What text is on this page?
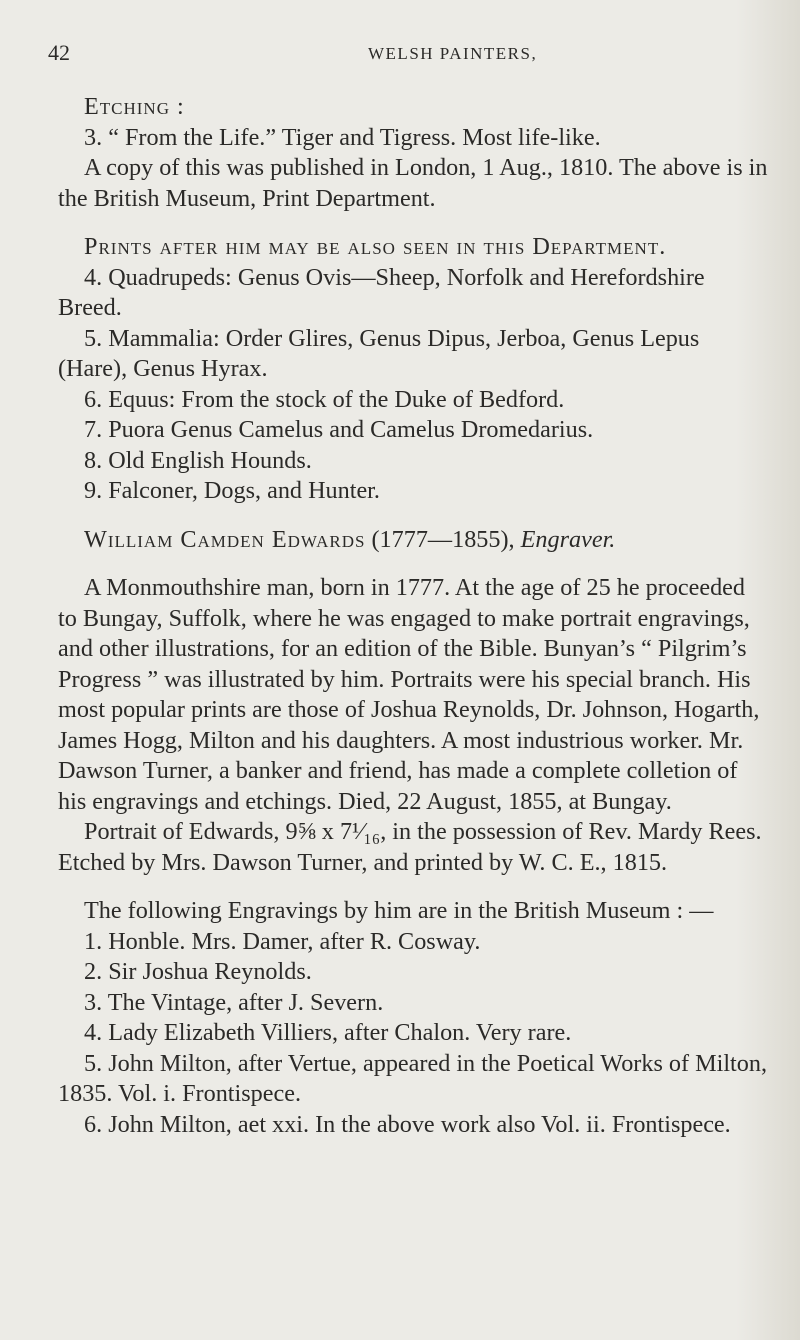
42	WELSH PAINTERS,

Etching :

3. “ From the Life.” Tiger and Tigress. Most life-like.

A copy of this was published in London, 1 Aug., 1810. The above is in the British Museum, Print Department.

Prints after him may be also seen in this Department.

4. Quadrupeds: Genus Ovis—Sheep, Norfolk and Herefordshire Breed.
5. Mammalia: Order Glires, Genus Dipus, Jerboa, Genus Lepus (Hare), Genus Hyrax.
6. Equus: From the stock of the Duke of Bedford.
7. Puora Genus Camelus and Camelus Dromedarius.
8. Old English Hounds.
9. Falconer, Dogs, and Hunter.

William Camden Edwards (1777—1855), Engraver.

A Monmouthshire man, born in 1777. At the age of 25 he proceeded to Bungay, Suffolk, where he was engaged to make portrait engravings, and other illustrations, for an edition of the Bible. Bunyan’s “ Pilgrim’s Progress ” was illustrated by him. Portraits were his special branch. His most popular prints are those of Joshua Reynolds, Dr. Johnson, Hogarth, James Hogg, Milton and his daughters. A most industrious worker. Mr. Dawson Turner, a banker and friend, has made a complete colletion of his engravings and etchings. Died, 22 August, 1855, at Bungay.

Portrait of Edwards, 9⅝ x 7¹⁄₁₆, in the possession of Rev. Mardy Rees. Etched by Mrs. Dawson Turner, and printed by W. C. E., 1815.

The following Engravings by him are in the British Museum : —

1. Honble. Mrs. Damer, after R. Cosway.
2. Sir Joshua Reynolds.
3. The Vintage, after J. Severn.
4. Lady Elizabeth Villiers, after Chalon. Very rare.
5. John Milton, after Vertue, appeared in the Poetical Works of Milton, 1835. Vol. i. Frontispece.
6. John Milton, aet xxi. In the above work also Vol. ii. Frontispece.
